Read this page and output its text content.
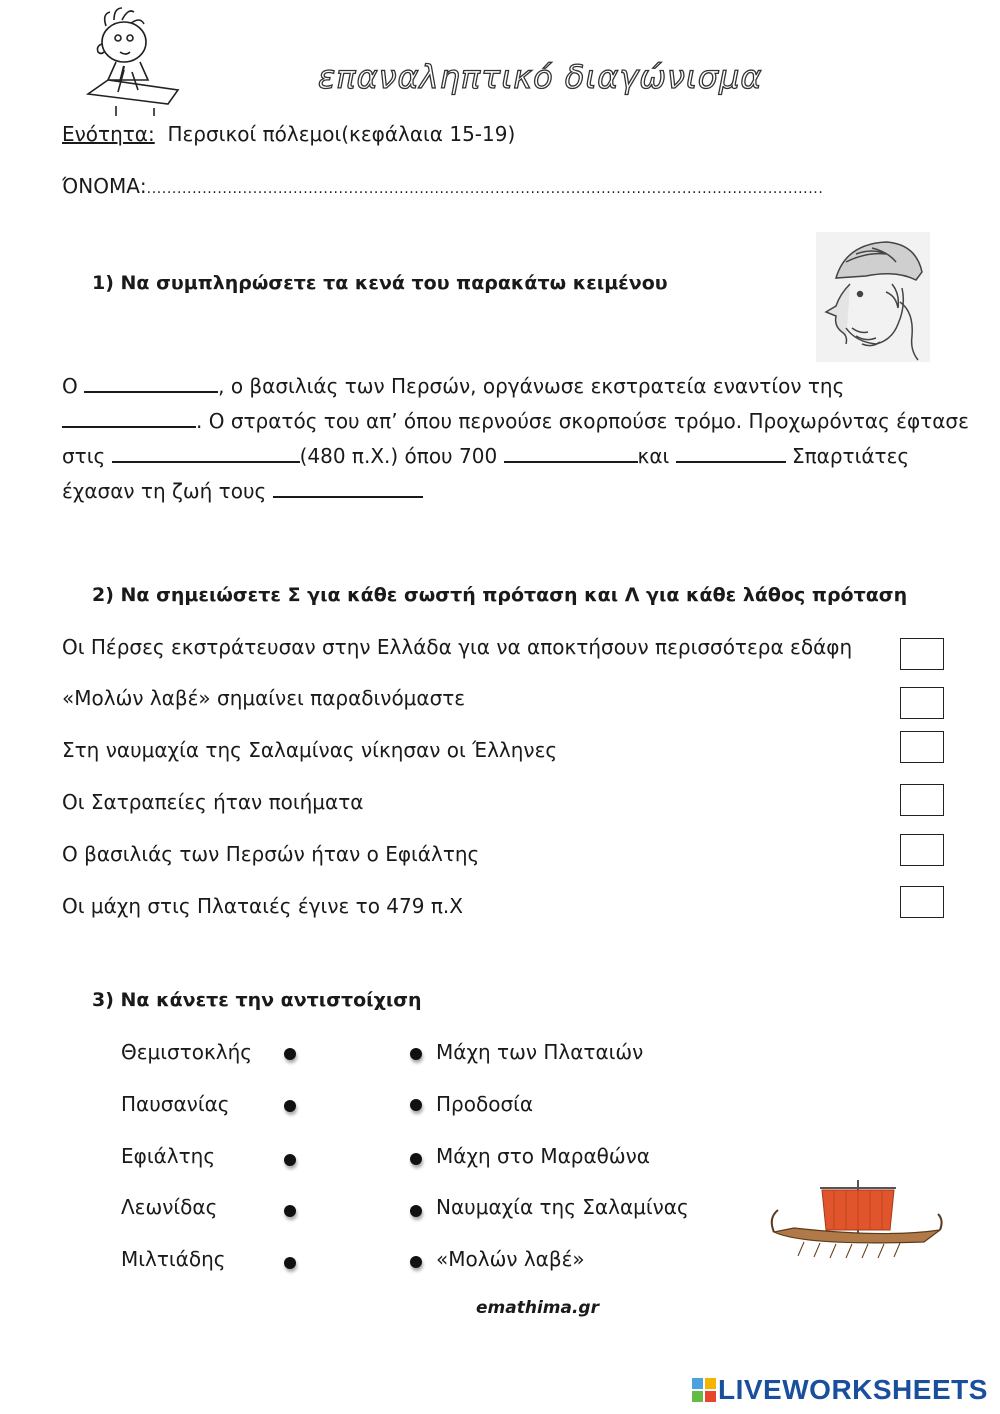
επαναληπτικό διαγώνισμα
Ενότητα: Περσικοί πόλεμοι(κεφάλαια 15-19)
ΌΝΟΜΑ:......................................................................................................................................
1) Να συμπληρώσετε τα κενά του παρακάτω κειμένου
Ο	, ο βασιλιάς των Περσών, οργάνωσε εκστρατεία εναντίον της
. Ο στρατός του απ’ όπου περνούσε σκορπούσε τρόμο. Προχωρόντας έφτασε
στις	(480 π.Χ.) όπου 700	και	Σπαρτιάτες
έχασαν τη ζωή τους
2) Να σημειώσετε Σ για κάθε σωστή πρόταση και Λ για κάθε λάθος πρόταση
Οι Πέρσες εκστράτευσαν στην Ελλάδα για να αποκτήσουν περισσότερα εδάφη
«Μολών λαβέ» σημαίνει παραδινόμαστε
Στη ναυμαχία της Σαλαμίνας νίκησαν οι Έλληνες
Οι Σατραπείες ήταν ποιήματα
Ο βασιλιάς των Περσών ήταν ο Εφιάλτης
Οι μάχη στις Πλαταιές έγινε το 479 π.Χ
3) Να κάνετε την αντιστοίχιση
Θεμιστοκλής	Μάχη των Πλαταιών
Παυσανίας	Προδοσία
Εφιάλτης	Μάχη στο Μαραθώνα
Λεωνίδας	Ναυμαχία της Σαλαμίνας
Μιλτιάδης	«Μολών λαβέ»
emathima.gr
LIVEWORKSHEETS
